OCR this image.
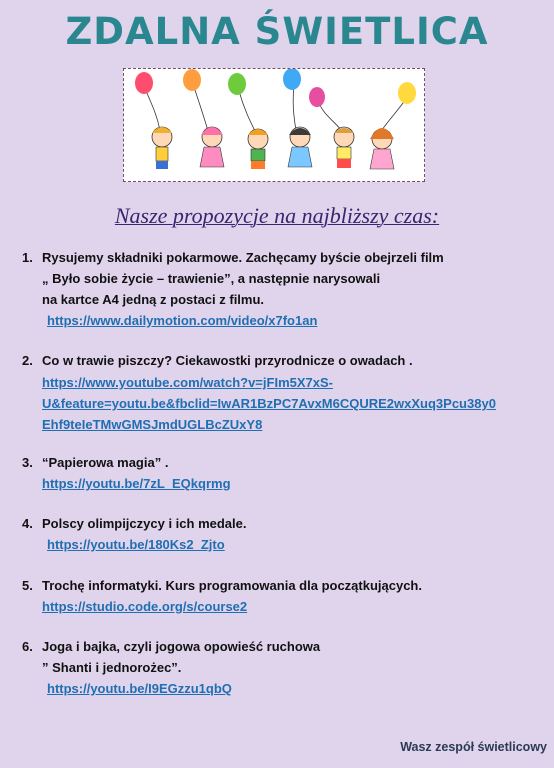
ZDALNA ŚWIETLICA
Nasze propozycje na najbliższy czas:
1. Rysujemy składniki pokarmowe. Zachęcamy byście obejrzeli film
„ Było sobie życie – trawienie”, a następnie narysowali
na kartce A4 jedną z postaci z filmu.
https://www.dailymotion.com/video/x7fo1an
2. Co w trawie piszczy? Ciekawostki przyrodnicze o owadach .
https://www.youtube.com/watch?v=jFIm5X7xS-
U&feature=youtu.be&fbclid=IwAR1BzPC7AvxM6CQURE2wxXuq3Pcu38y0
Ehf9teIeTMwGMSJmdUGLBcZUxY8
3. “Papierowa magia” .
https://youtu.be/7zL_EQkqrmg
4. Polscy olimpijczycy i ich medale.
https://youtu.be/180Ks2_Zjto
5. Trochę informatyki. Kurs programowania dla początkujących.
https://studio.code.org/s/course2
6. Joga i bajka, czyli jogowa opowieść ruchowa
” Shanti i jednorożec”.
https://youtu.be/I9EGzzu1qbQ
Wasz zespół świetlicowy
